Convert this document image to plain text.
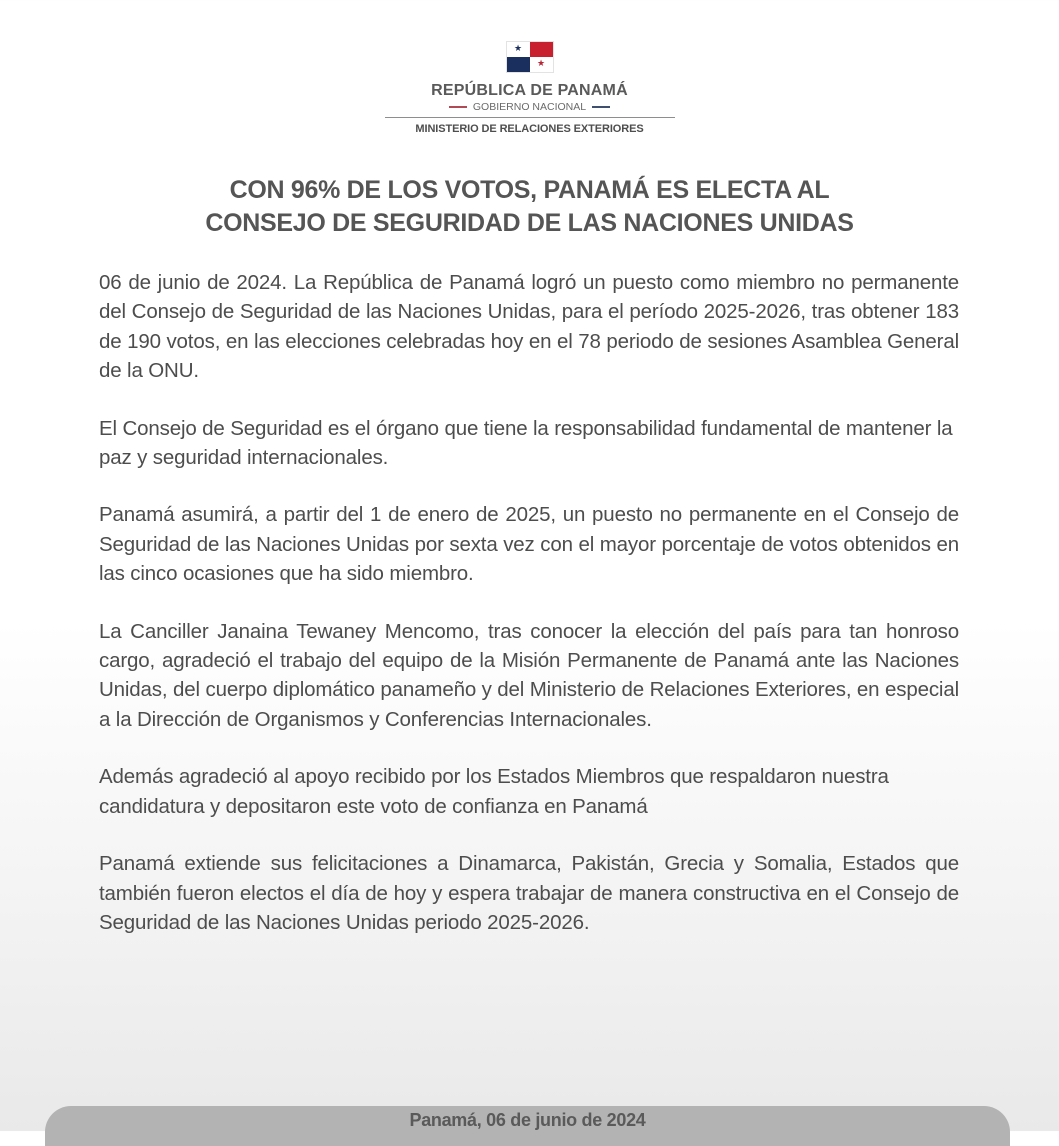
★
★
REPÚBLICA DE PANAMÁ
GOBIERNO NACIONAL
MINISTERIO DE RELACIONES EXTERIORES
CON 96% DE LOS VOTOS, PANAMÁ ES ELECTA AL
CONSEJO DE SEGURIDAD DE LAS NACIONES UNIDAS

06 de junio de 2024. La República de Panamá logró un puesto como miembro no permanente del Consejo de Seguridad de las Naciones Unidas, para el período 2025-2026, tras obtener 183 de 190 votos, en las elecciones celebradas hoy en el 78 periodo de sesiones Asamblea General de la ONU.

El Consejo de Seguridad es el órgano que tiene la responsabilidad fundamental de mantener la paz y seguridad internacionales.

Panamá asumirá, a partir del 1 de enero de 2025, un puesto no permanente en el Consejo de Seguridad de las Naciones Unidas por sexta vez con el mayor porcentaje de votos obtenidos en las cinco ocasiones que ha sido miembro.

La Canciller Janaina Tewaney Mencomo, tras conocer la elección del país para tan honroso cargo, agradeció el trabajo del equipo de la Misión Permanente de Panamá ante las Naciones Unidas, del cuerpo diplomático panameño y del Ministerio de Relaciones Exteriores, en especial a la Dirección de Organismos y Conferencias Internacionales.

Además agradeció al apoyo recibido por los Estados Miembros que respaldaron nuestra candidatura y depositaron este voto de confianza en Panamá

Panamá extiende sus felicitaciones a Dinamarca, Pakistán, Grecia y Somalia, Estados que también fueron electos el día de hoy y espera trabajar de manera constructiva en el Consejo de Seguridad de las Naciones Unidas periodo 2025-2026.

Panamá, 06 de junio de 2024
